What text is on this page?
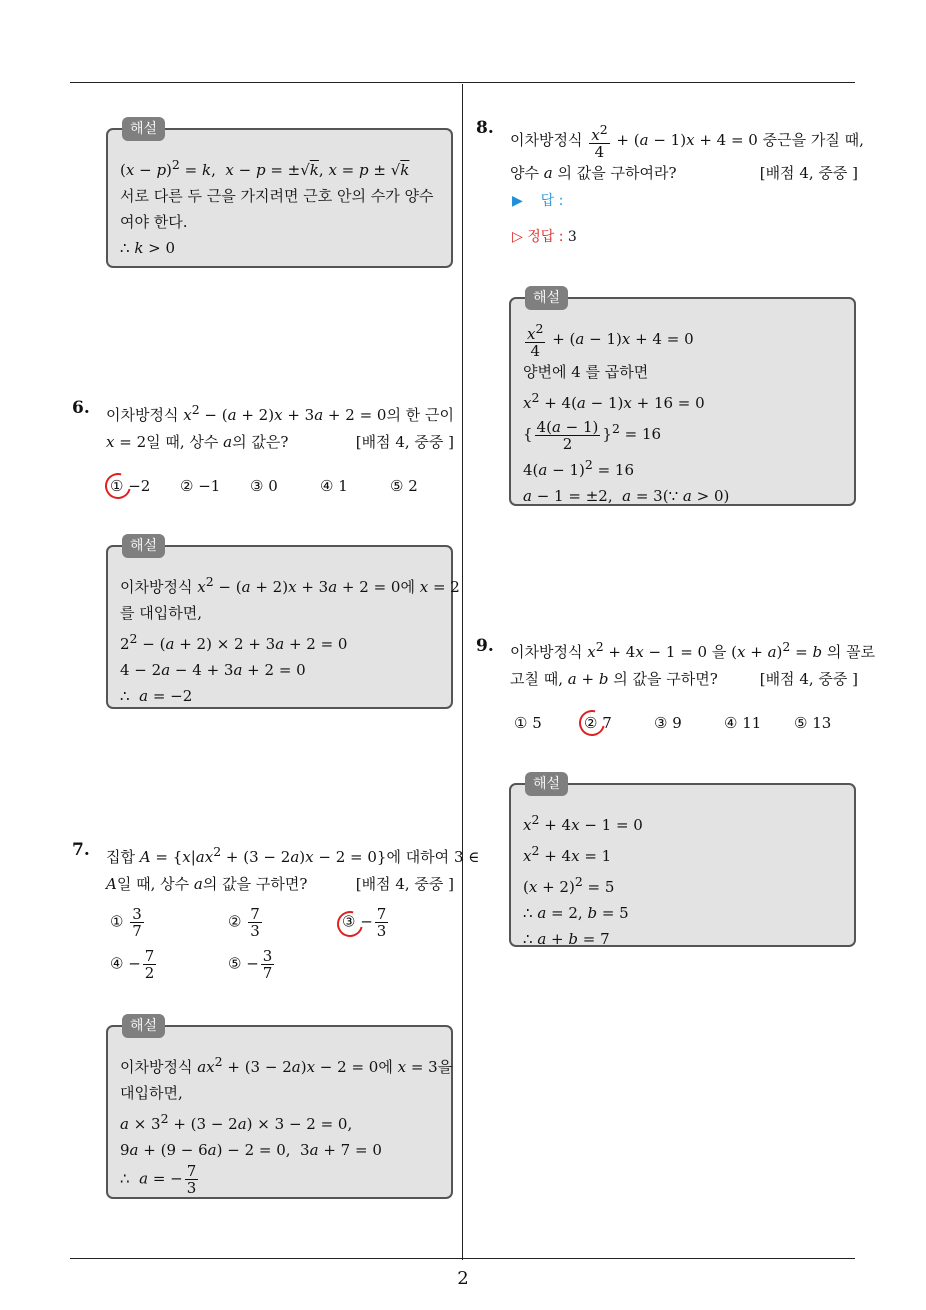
해설
$(x - p)^2 = k$,  x − p = ±√k, x = p ± √k
서로 다른 두 근을 가지려면 근호 안의 수가 양수
여야 한다.
∴ k > 0
6. 이차방정식 $x^2 - (a + 2)x + 3a + 2 = 0$의 한 근이
x = 2일 때, 상수 a의 값은?	[배점 4, 중중 ]
① −2 ② −1 ③ 0	④ 1	⑤ 2
해설
이차방정식 $x^2 - (a + 2)x + 3a + 2 = 0$에 x = 2
를 대입하면,
$2^2 - (a + 2) \times 2 + 3a + 2 = 0$
4 − 2a − 4 + 3a + 2 = 0
∴  a = −2
7. 집합 $A = \{x|ax^2 + (3 - 2a)x - 2 = 0\}$에 대하여 3 ∈
A일 때, 상수 a의 값을 구하면?	[배점 4, 중중 ]
① $\frac{3}{7}$	② $\frac{7}{3}$	③ − $\frac{7}{3}$
④ − $\frac{7}{2}$	⑤ − $\frac{3}{7}$
해설
이차방정식 $ax^2 + (3 - 2a)x - 2 = 0$에 x = 3을
대입하면,
$a \times 3^2 + (3 - 2a) \times 3 - 2 = 0$,
9a + (9 − 6a) − 2 = 0,  3a + 7 = 0
∴  a = − $\frac{7}{3}$
8.
이차방정식 $\frac{x^2}{4} + (a - 1)x + 4 = 0$ 중근을 가질 때,
양수 a 의 값을 구하여라?	[배점 4, 중중 ]
▶ 답 :
▷ 정답 : 3
해설
$\frac{x^2}{4} + (a - 1)x + 4 = 0$
양변에 4 를 곱하면
$x^2 + 4(a - 1)x + 16 = 0$
{ $\frac{4(a - 1)}{2} \}^2 = 16$
$4(a - 1)^2 = 16$
a − 1 = ±2,  a = 3(∵ a > 0)
9. 이차방정식 $x^2 + 4x - 1 = 0$ 을 $(x + a)^2 = b$ 의 꼴로
고칠 때, a + b 의 값을 구하면?	[배점 4, 중중 ]
① 5	② 7	③ 9	④ 11 ⑤ 13
해설
$x^2 + 4x - 1 = 0$
$x^2 + 4x = 1$
$(x + 2)^2 = 5$
∴ a = 2, b = 5
∴ a + b = 7
2
